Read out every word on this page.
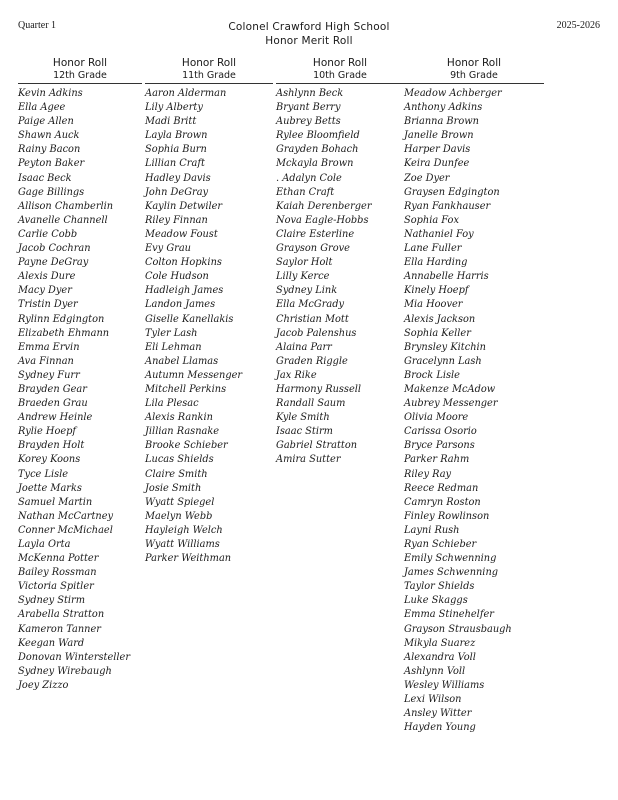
Quarter 1	Colonel Crawford High School
Honor Merit Roll
2025-2026
Honor Roll
12th Grade
Kevin Adkins
Ella Agee
Paige Allen
Shawn Auck
Rainy Bacon
Peyton Baker
Isaac Beck
Gage Billings
Allison Chamberlin
Avanelle Channell
Carlie Cobb
Jacob Cochran
Payne DeGray
Alexis Dure
Macy Dyer
Tristin Dyer
Rylinn Edgington
Elizabeth Ehmann
Emma Ervin
Ava Finnan
Sydney Furr
Brayden Gear
Braeden Grau
Andrew Heinle
Rylie Hoepf
Brayden Holt
Korey Koons
Tyce Lisle
Joette Marks
Samuel Martin
Nathan McCartney
Conner McMichael
Layla Orta
McKenna Potter
Bailey Rossman
Victoria Spitler
Sydney Stirm
Arabella Stratton
Kameron Tanner
Keegan Ward
Donovan Wintersteller
Sydney Wirebaugh
Joey Zizzo
Honor Roll
11th Grade
Aaron Alderman
Lily Alberty
Madi Britt
Layla Brown
Sophia Burn
Lillian Craft
Hadley Davis
John DeGray
Kaylin Detwiler
Riley Finnan
Meadow Foust
Evy Grau
Colton Hopkins
Cole Hudson
Hadleigh James
Landon James
Giselle Kanellakis
Tyler Lash
Eli Lehman
Anabel Llamas
Autumn Messenger
Mitchell Perkins
Lila Plesac
Alexis Rankin
Jillian Rasnake
Brooke Schieber
Lucas Shields
Claire Smith
Josie Smith
Wyatt Spiegel
Maelyn Webb
Hayleigh Welch
Wyatt Williams
Parker Weithman
Honor Roll
10th Grade
Ashlynn Beck
Bryant Berry
Aubrey Betts
Rylee Bloomfield
Grayden Bohach
Mckayla Brown
. Adalyn Cole
Ethan Craft
Kaiah Derenberger
Nova Eagle-Hobbs
Claire Esterline
Grayson Grove
Saylor Holt
Lilly Kerce
Sydney Link
Ella McGrady
Christian Mott
Jacob Palenshus
Alaina Parr
Graden Riggle
Jax Rike
Harmony Russell
Randall Saum
Kyle Smith
Isaac Stirm
Gabriel Stratton
Amira Sutter
Honor Roll
9th Grade
Meadow Achberger
Anthony Adkins
Brianna Brown
Janelle Brown
Harper Davis
Keira Dunfee
Zoe Dyer
Graysen Edgington
Ryan Fankhauser
Sophia Fox
Nathaniel Foy
Lane Fuller
Ella Harding
Annabelle Harris
Kinely Hoepf
Mia Hoover
Alexis Jackson
Sophia Keller
Brynsley Kitchin
Gracelynn Lash
Brock Lisle
Makenze McAdow
Aubrey Messenger
Olivia Moore
Carissa Osorio
Bryce Parsons
Parker Rahm
Riley Ray
Reece Redman
Camryn Roston
Finley Rowlinson
Layni Rush
Ryan Schieber
Emily Schwenning
James Schwenning
Taylor Shields
Luke Skaggs
Emma Stinehelfer
Grayson Strausbaugh
Mikyla Suarez
Alexandra Voll
Ashlynn Voll
Wesley Williams
Lexi Wilson
Ansley Witter
Hayden Young
